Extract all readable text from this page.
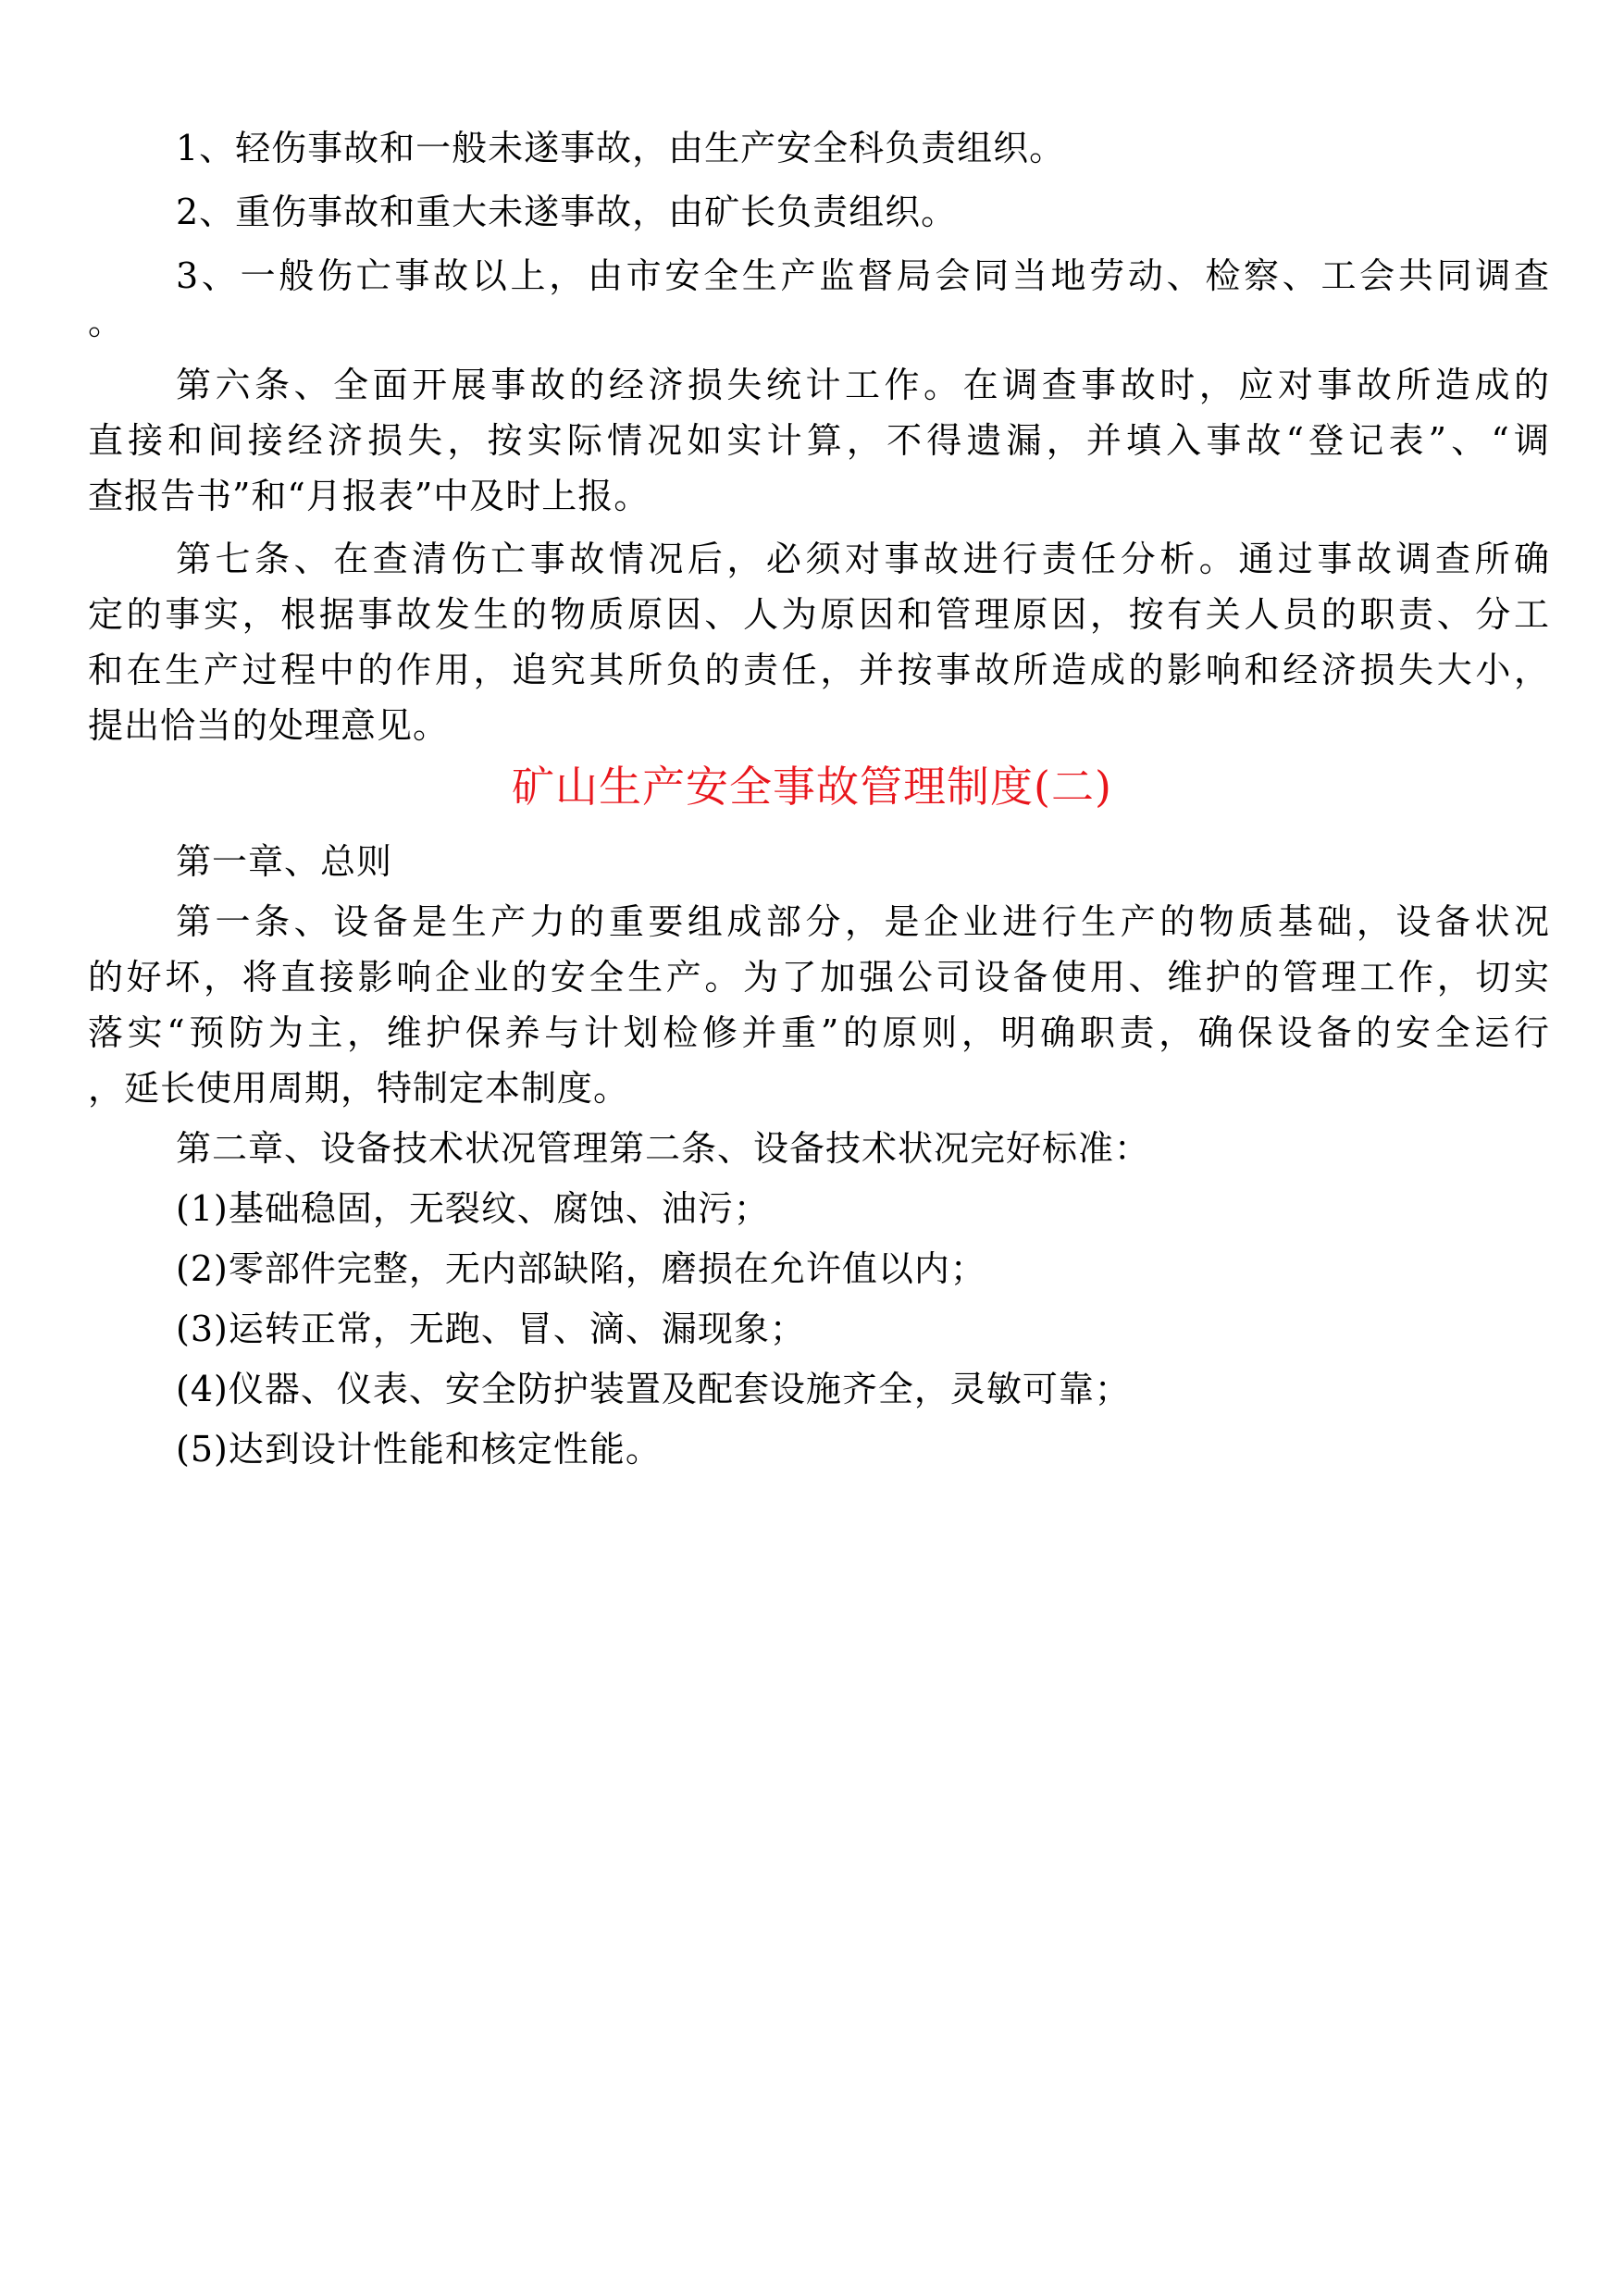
1、轻伤事故和一般未遂事故，由生产安全科负责组织。
2、重伤事故和重大未遂事故，由矿长负责组织。
3、一般伤亡事故以上，由市安全生产监督局会同当地劳动、检察、工会共同调查
。
第六条、全面开展事故的经济损失统计工作。在调查事故时，应对事故所造成的
直接和间接经济损失，按实际情况如实计算，不得遗漏，并填入事故“登记表”、“调
查报告书”和“月报表”中及时上报。
第七条、在查清伤亡事故情况后，必须对事故进行责任分析。通过事故调查所确
定的事实，根据事故发生的物质原因、人为原因和管理原因，按有关人员的职责、分工
和在生产过程中的作用，追究其所负的责任，并按事故所造成的影响和经济损失大小，
提出恰当的处理意见。
矿山生产安全事故管理制度(二)
第一章、总则
第一条、设备是生产力的重要组成部分，是企业进行生产的物质基础，设备状况
的好坏，将直接影响企业的安全生产。为了加强公司设备使用、维护的管理工作，切实
落实“预防为主，维护保养与计划检修并重”的原则，明确职责，确保设备的安全运行
，延长使用周期，特制定本制度。
第二章、设备技术状况管理第二条、设备技术状况完好标准：
(1)基础稳固，无裂纹、腐蚀、油污；
(2)零部件完整，无内部缺陷，磨损在允许值以内；
(3)运转正常，无跑、冒、滴、漏现象；
(4)仪器、仪表、安全防护装置及配套设施齐全，灵敏可靠；
(5)达到设计性能和核定性能。
